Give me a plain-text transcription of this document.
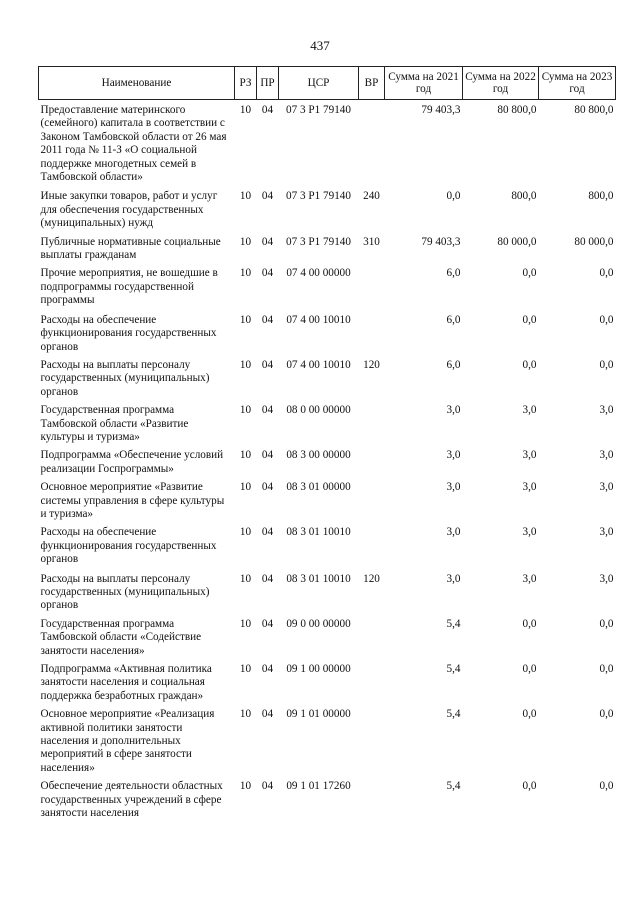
437
Наименование	РЗ	ПР	ЦСР	ВР	Сумма на 2021 год	Сумма на 2022 год	Сумма на 2023 год
Предоставление материнского (семейного) капитала в соответствии с Законом Тамбовской области от 26 мая 2011 года № 11-З «О социальной поддержке многодетных семей в Тамбовской области»	10	04	07 3 Р1 79140		79 403,3	80 800,0	80 800,0
Иные закупки товаров, работ и услуг для обеспечения государственных (муниципальных) нужд	10	04	07 3 Р1 79140	240	0,0	800,0	800,0
Публичные нормативные социальные выплаты гражданам	10	04	07 3 Р1 79140	310	79 403,3	80 000,0	80 000,0
Прочие мероприятия, не вошедшие в подпрограммы государственной программы	10	04	07 4 00 00000		6,0	0,0	0,0
Расходы на обеспечение функционирования государственных органов	10	04	07 4 00 10010		6,0	0,0	0,0
Расходы на выплаты персоналу государственных (муниципальных) органов	10	04	07 4 00 10010	120	6,0	0,0	0,0
Государственная программа Тамбовской области «Развитие культуры и туризма»	10	04	08 0 00 00000		3,0	3,0	3,0
Подпрограмма «Обеспечение условий реализации Госпрограммы»	10	04	08 3 00 00000		3,0	3,0	3,0
Основное мероприятие «Развитие системы управления в сфере культуры и туризма»	10	04	08 3 01 00000		3,0	3,0	3,0
Расходы на обеспечение функционирования государственных органов	10	04	08 3 01 10010		3,0	3,0	3,0
Расходы на выплаты персоналу государственных (муниципальных) органов	10	04	08 3 01 10010	120	3,0	3,0	3,0
Государственная программа Тамбовской области «Содействие занятости населения»	10	04	09 0 00 00000		5,4	0,0	0,0
Подпрограмма «Активная политика занятости населения и социальная поддержка безработных граждан»	10	04	09 1 00 00000		5,4	0,0	0,0
Основное мероприятие «Реализация активной политики занятости населения и дополнительных мероприятий в сфере занятости населения»	10	04	09 1 01 00000		5,4	0,0	0,0
Обеспечение деятельности областных государственных учреждений в сфере занятости населения	10	04	09 1 01 17260		5,4	0,0	0,0
